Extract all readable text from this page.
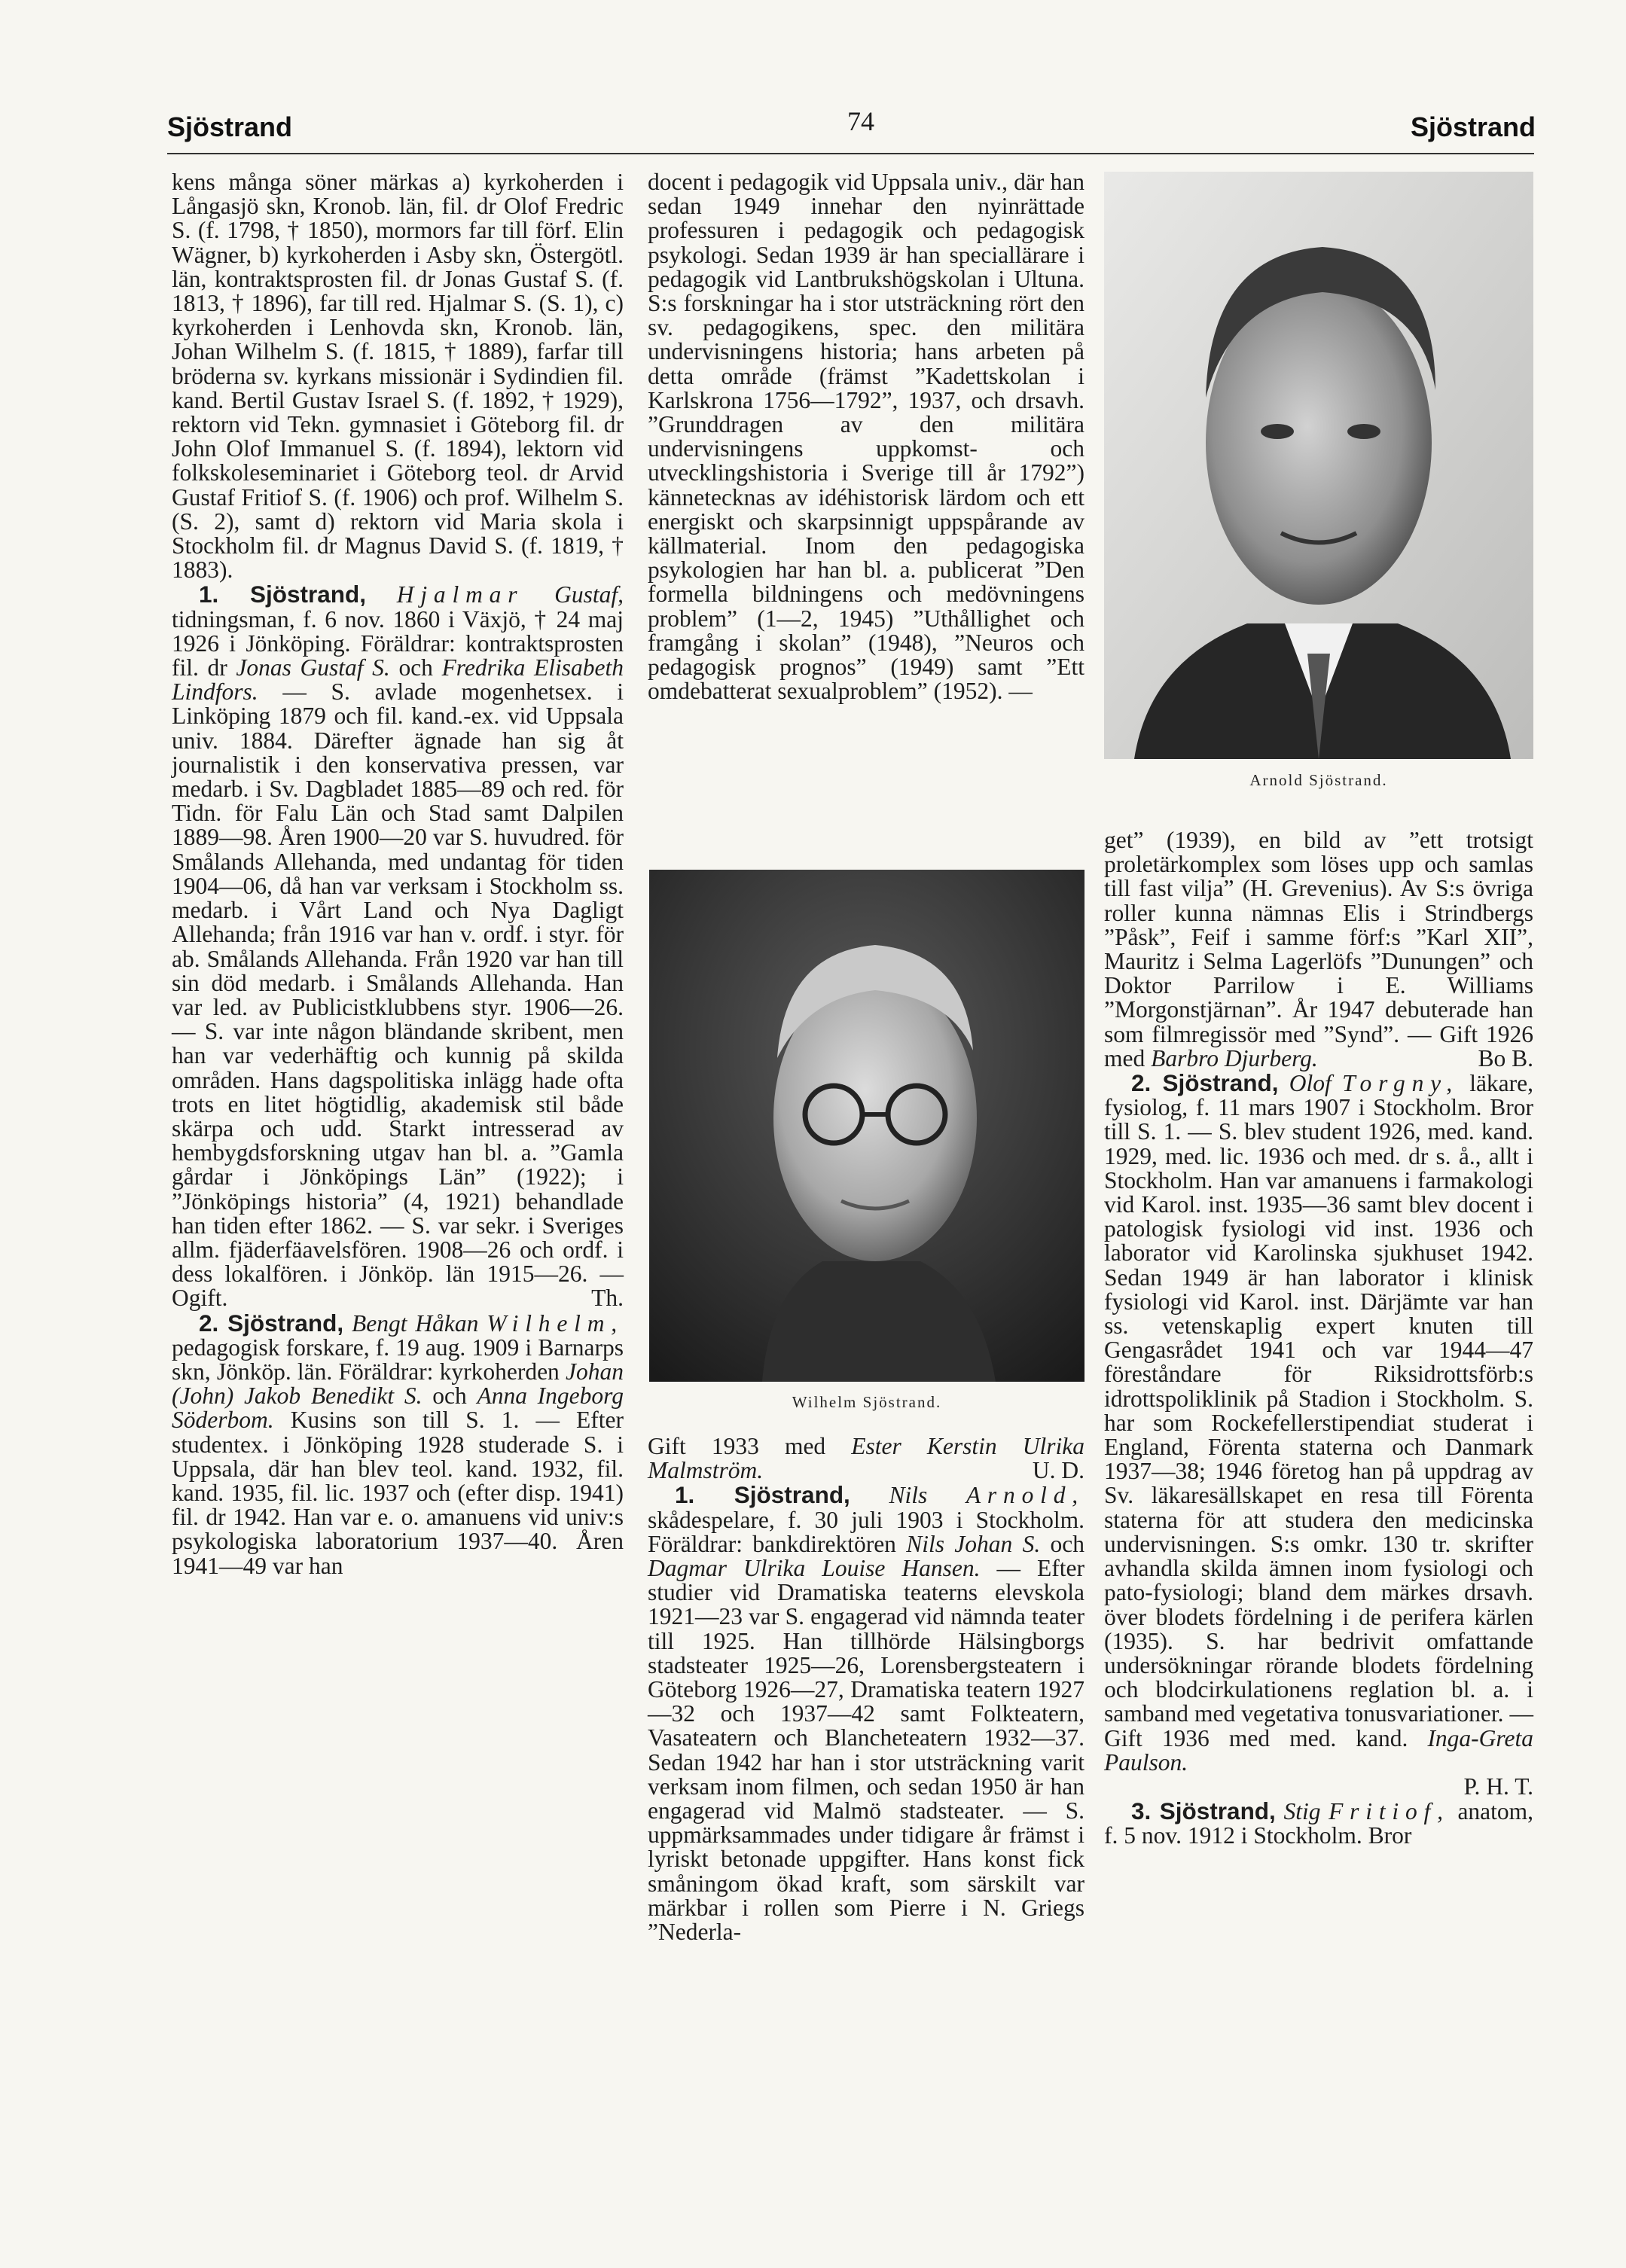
Sjöstrand	74	Sjöstrand

kens många söner märkas a) kyrkoherden i Långasjö skn, Kronob. län, fil. dr Olof Fredric S. (f. 1798, † 1850), mormors far till förf. Elin Wägner, b) kyrkoherden i Asby skn, Östergötl. län, kontraktsprosten fil. dr Jonas Gustaf S. (f. 1813, † 1896), far till red. Hjalmar S. (S. 1), c) kyrkoherden i Lenhovda skn, Kronob. län, Johan Wilhelm S. (f. 1815, † 1889), farfar till bröderna sv. kyrkans missionär i Sydindien fil. kand. Bertil Gustav Israel S. (f. 1892, † 1929), rektorn vid Tekn. gymnasiet i Göteborg fil. dr John Olof Immanuel S. (f. 1894), lektorn vid folkskoleseminariet i Göteborg teol. dr Arvid Gustaf Fritiof S. (f. 1906) och prof. Wilhelm S. (S. 2), samt d) rektorn vid Maria skola i Stockholm fil. dr Magnus David S. (f. 1819, † 1883).

1. Sjöstrand, Hjalmar Gustaf, tidningsman, f. 6 nov. 1860 i Växjö, † 24 maj 1926 i Jönköping. Föräldrar: kontraktsprosten fil. dr Jonas Gustaf S. och Fredrika Elisabeth Lindfors. — S. avlade mogenhetsex. i Linköping 1879 och fil. kand.-ex. vid Uppsala univ. 1884. Därefter ägnade han sig åt journalistik i den konservativa pressen, var medarb. i Sv. Dagbladet 1885—89 och red. för Tidn. för Falu Län och Stad samt Dalpilen 1889—98. Åren 1900—20 var S. huvudred. för Smålands Allehanda, med undantag för tiden 1904—06, då han var verksam i Stockholm ss. medarb. i Vårt Land och Nya Dagligt Allehanda; från 1916 var han v. ordf. i styr. för ab. Smålands Allehanda. Från 1920 var han till sin död medarb. i Smålands Allehanda. Han var led. av Publicistklubbens styr. 1906—26. — S. var inte någon bländande skribent, men han var vederhäftig och kunnig på skilda områden. Hans dagspolitiska inlägg hade ofta trots en litet högtidlig, akademisk stil både skärpa och udd. Starkt intresserad av hembygdsforskning utgav han bl. a. ”Gamla gårdar i Jönköpings Län” (1922); i ”Jönköpings historia” (4, 1921) behandlade han tiden efter 1862. — S. var sekr. i Sveriges allm. fjäderfäavelsfören. 1908—26 och ordf. i dess lokalfören. i Jönköp. län 1915—26. — Ogift.	Th.

2. Sjöstrand, Bengt Håkan Wilhelm, pedagogisk forskare, f. 19 aug. 1909 i Barnarps skn, Jönköp. län. Föräldrar: kyrkoherden Johan (John) Jakob Benedikt S. och Anna Ingeborg Söderbom. Kusins son till S. 1. — Efter studentex. i Jönköping 1928 studerade S. i Uppsala, där han blev teol. kand. 1932, fil. kand. 1935, fil. lic. 1937 och (efter disp. 1941) fil. dr 1942. Han var e. o. amanuens vid univ:s psykologiska laboratorium 1937—40. Åren 1941—49 var han

docent i pedagogik vid Uppsala univ., där han sedan 1949 innehar den nyinrättade professuren i pedagogik och pedagogisk psykologi. Sedan 1939 är han speciallärare i pedagogik vid Lantbrukshögskolan i Ultuna. S:s forskningar ha i stor utsträckning rört den sv. pedagogikens, spec. den militära undervisningens historia; hans arbeten på detta område (främst ”Kadettskolan i Karlskrona 1756—1792”, 1937, och drsavh. ”Grunddragen av den militära undervisningens uppkomst- och utvecklingshistoria i Sverige till år 1792”) kännetecknas av idéhistorisk lärdom och ett energiskt och skarpsinnigt uppspårande av källmaterial. Inom den pedagogiska psykologien har han bl. a. publicerat ”Den formella bildningens och medövningens problem” (1—2, 1945) ”Uthållighet och framgång i skolan” (1948), ”Neuros och pedagogisk prognos” (1949) samt ”Ett omdebatterat sexualproblem” (1952). —

Wilhelm Sjöstrand.

Gift 1933 med Ester Kerstin Ulrika Malmström.	U. D.

1. Sjöstrand, Nils Arnold, skådespelare, f. 30 juli 1903 i Stockholm. Föräldrar: bankdirektören Nils Johan S. och Dagmar Ulrika Louise Hansen. — Efter studier vid Dramatiska teaterns elevskola 1921—23 var S. engagerad vid nämnda teater till 1925. Han tillhörde Hälsingborgs stadsteater 1925—26, Lorensbergsteatern i Göteborg 1926—27, Dramatiska teatern 1927—32 och 1937—42 samt Folkteatern, Vasateatern och Blancheteatern 1932—37. Sedan 1942 har han i stor utsträckning varit verksam inom filmen, och sedan 1950 är han engagerad vid Malmö stadsteater. — S. uppmärksammades under tidigare år främst i lyriskt betonade uppgifter. Hans konst fick småningom ökad kraft, som särskilt var märkbar i rollen som Pierre i N. Griegs ”Nederla-

Arnold Sjöstrand.

get” (1939), en bild av ”ett trotsigt proletärkomplex som löses upp och samlas till fast vilja” (H. Grevenius). Av S:s övriga roller kunna nämnas Elis i Strindbergs ”Påsk”, Feif i samme förf:s ”Karl XII”, Mauritz i Selma Lagerlöfs ”Dunungen” och Doktor Parrilow i E. Williams ”Morgonstjärnan”. År 1947 debuterade han som filmregissör med ”Synd”. — Gift 1926 med Barbro Djurberg.	Bo B.

2. Sjöstrand, Olof Torgny, läkare, fysiolog, f. 11 mars 1907 i Stockholm. Bror till S. 1. — S. blev student 1926, med. kand. 1929, med. lic. 1936 och med. dr s. å., allt i Stockholm. Han var amanuens i farmakologi vid Karol. inst. 1935—36 samt blev docent i patologisk fysiologi vid inst. 1936 och laborator vid Karolinska sjukhuset 1942. Sedan 1949 är han laborator i klinisk fysiologi vid Karol. inst. Därjämte var han ss. vetenskaplig expert knuten till Gengasrådet 1941 och var 1944—47 föreståndare för Riksidrottsförb:s idrottspoliklinik på Stadion i Stockholm. S. har som Rockefellerstipendiat studerat i England, Förenta staterna och Danmark 1937—38; 1946 företog han på uppdrag av Sv. läkaresällskapet en resa till Förenta staterna för att studera den medicinska undervisningen. S:s omkr. 130 tr. skrifter avhandla skilda ämnen inom fysiologi och pato-fysiologi; bland dem märkes drsavh. över blodets fördelning i de perifera kärlen (1935). S. har bedrivit omfattande undersökningar rörande blodets fördelning och blodcirkulationens reglation bl. a. i samband med vegetativa tonusvariationer. — Gift 1936 med med. kand. Inga-Greta Paulson.
P. H. T.

3. Sjöstrand, Stig Fritiof, anatom, f. 5 nov. 1912 i Stockholm. Bror
